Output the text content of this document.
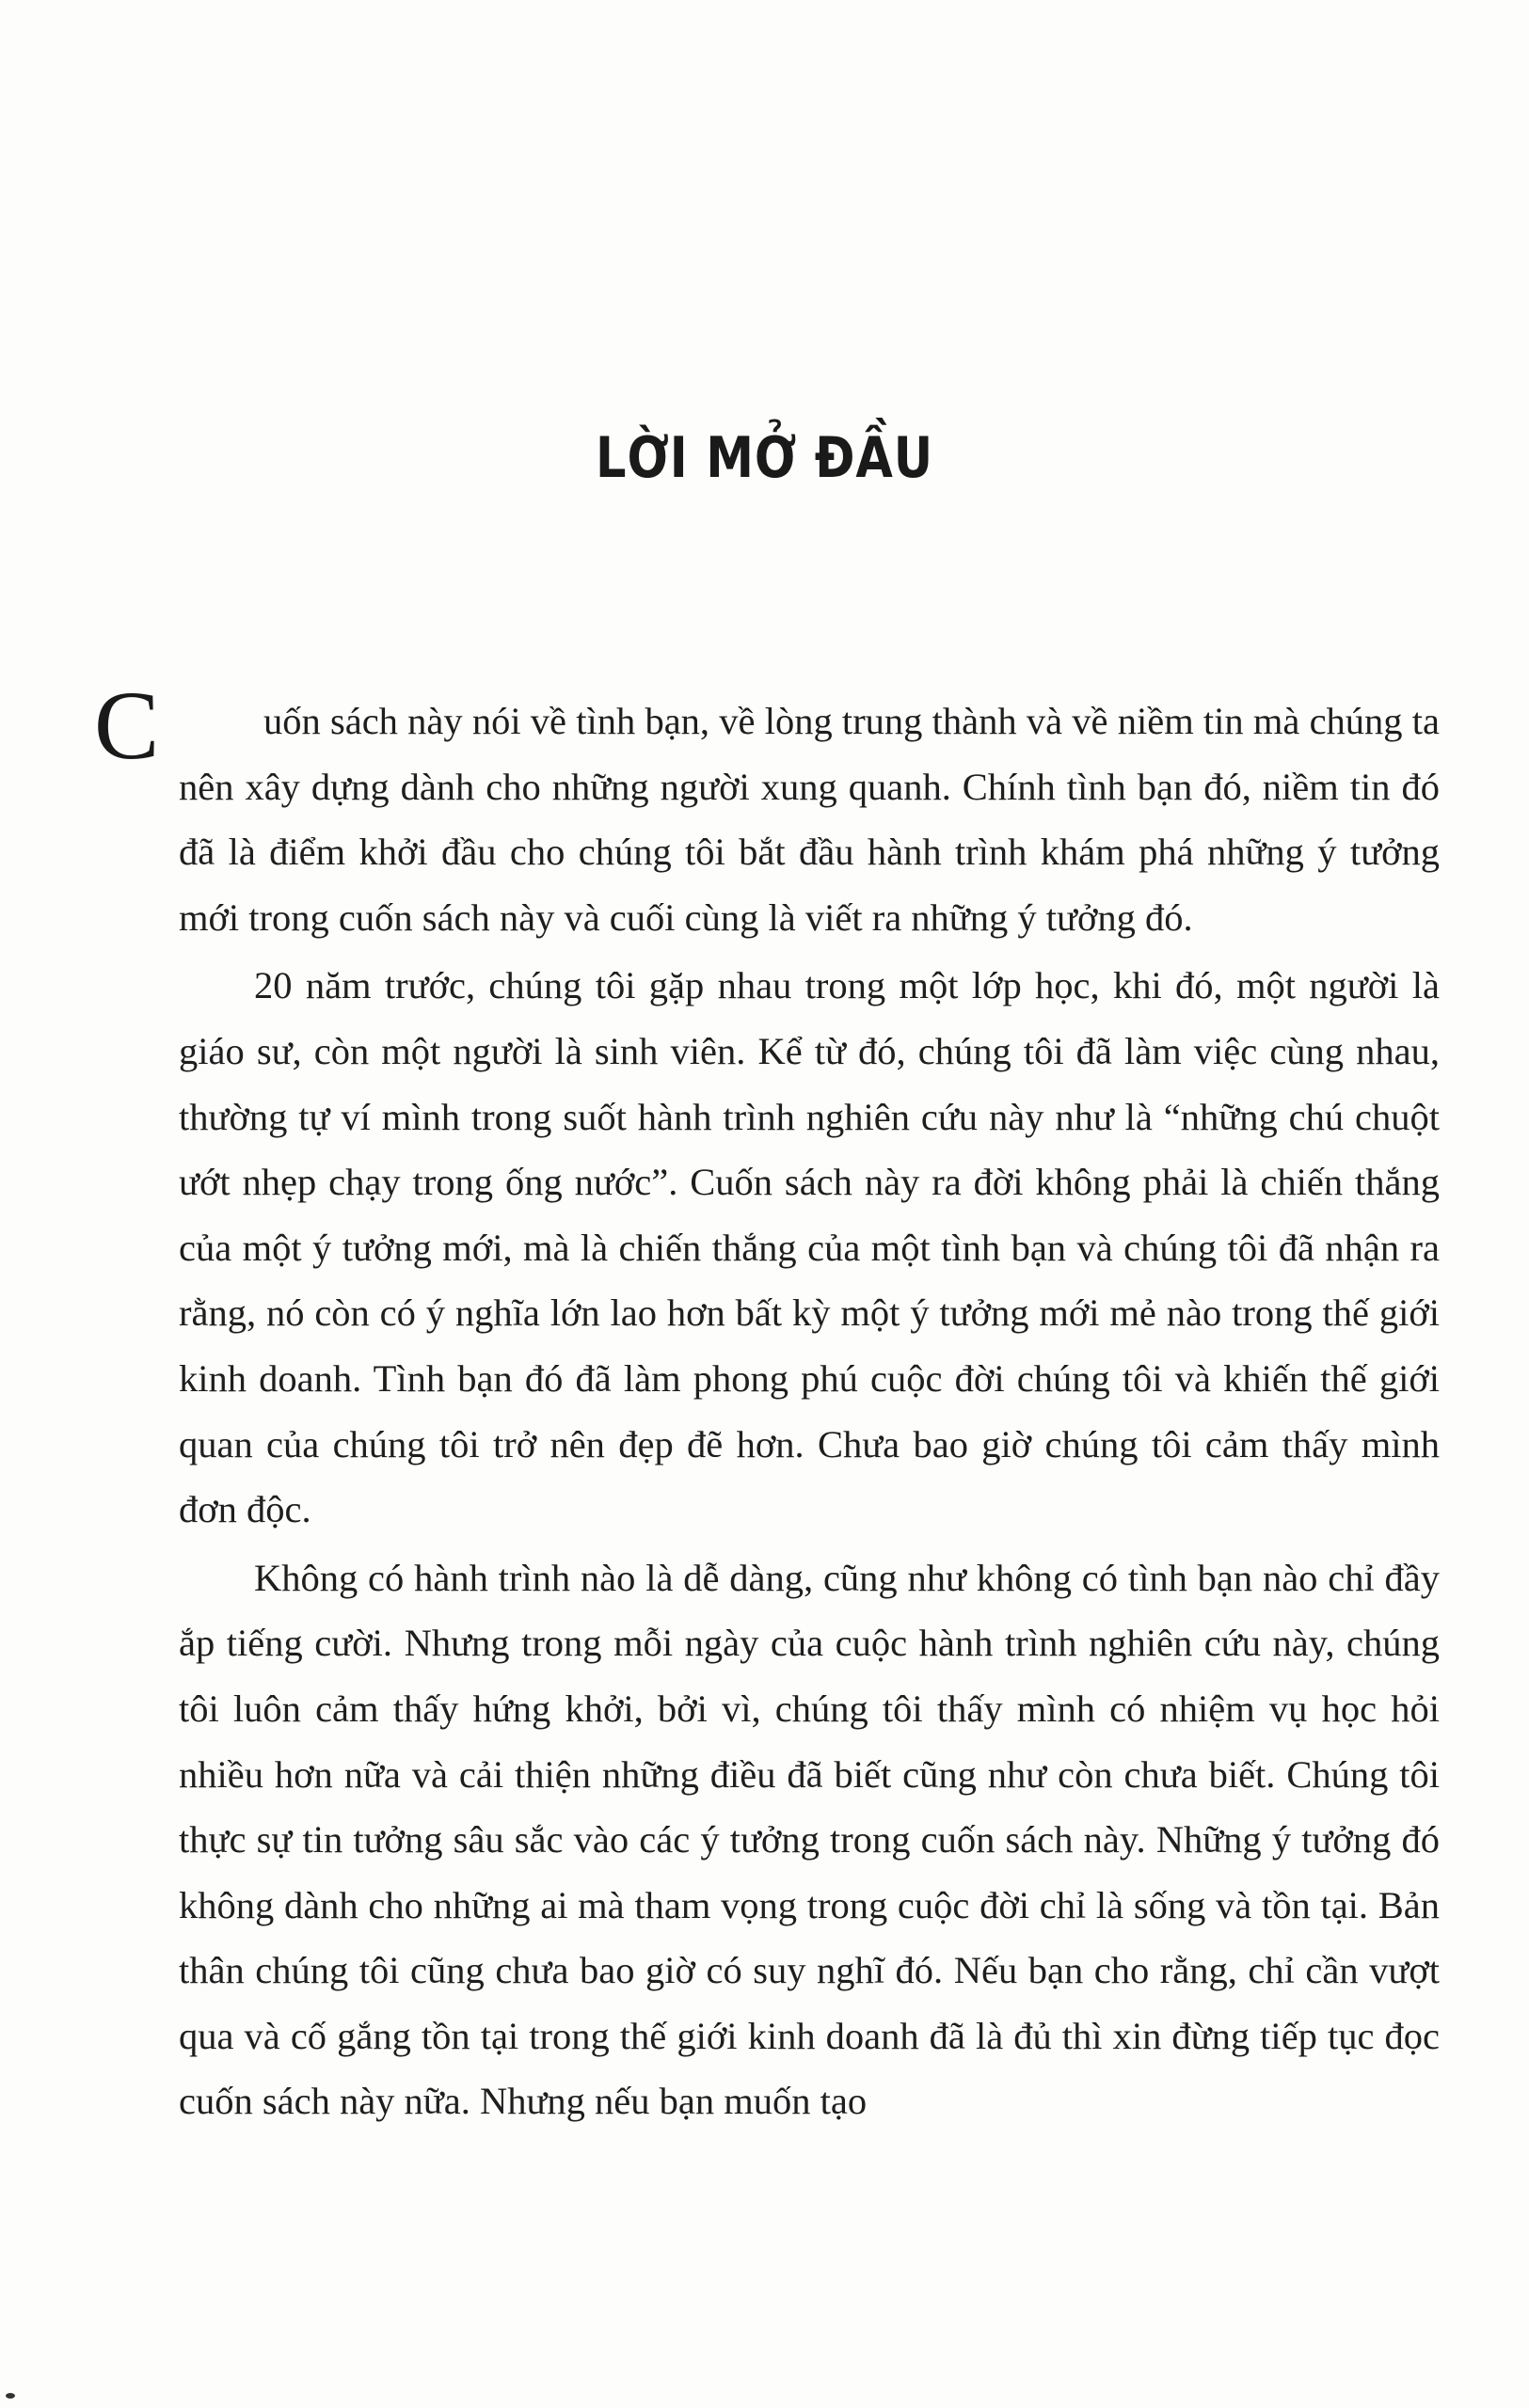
LỜI MỞ ĐẦU
C	uốn sách này nói về tình bạn, về lòng trung thành và về niềm tin mà chúng ta nên xây dựng dành cho những người xung quanh. Chính tình bạn đó, niềm tin đó đã là điểm khởi đầu cho chúng tôi bắt đầu hành trình khám phá những ý tưởng mới trong cuốn sách này và cuối cùng là viết ra những ý tưởng đó.

20 năm trước, chúng tôi gặp nhau trong một lớp học, khi đó, một người là giáo sư, còn một người là sinh viên. Kể từ đó, chúng tôi đã làm việc cùng nhau, thường tự ví mình trong suốt hành trình nghiên cứu này như là “những chú chuột ướt nhẹp chạy trong ống nước”. Cuốn sách này ra đời không phải là chiến thắng của một ý tưởng mới, mà là chiến thắng của một tình bạn và chúng tôi đã nhận ra rằng, nó còn có ý nghĩa lớn lao hơn bất kỳ một ý tưởng mới mẻ nào trong thế giới kinh doanh. Tình bạn đó đã làm phong phú cuộc đời chúng tôi và khiến thế giới quan của chúng tôi trở nên đẹp đẽ hơn. Chưa bao giờ chúng tôi cảm thấy mình đơn độc.

Không có hành trình nào là dễ dàng, cũng như không có tình bạn nào chỉ đầy ắp tiếng cười. Nhưng trong mỗi ngày của cuộc hành trình nghiên cứu này, chúng tôi luôn cảm thấy hứng khởi, bởi vì, chúng tôi thấy mình có nhiệm vụ học hỏi nhiều hơn nữa và cải thiện những điều đã biết cũng như còn chưa biết. Chúng tôi thực sự tin tưởng sâu sắc vào các ý tưởng trong cuốn sách này. Những ý tưởng đó không dành cho những ai mà tham vọng trong cuộc đời chỉ là sống và tồn tại. Bản thân chúng tôi cũng chưa bao giờ có suy nghĩ đó. Nếu bạn cho rằng, chỉ cần vượt qua và cố gắng tồn tại trong thế giới kinh doanh đã là đủ thì xin đừng tiếp tục đọc cuốn sách này nữa. Nhưng nếu bạn muốn tạo
